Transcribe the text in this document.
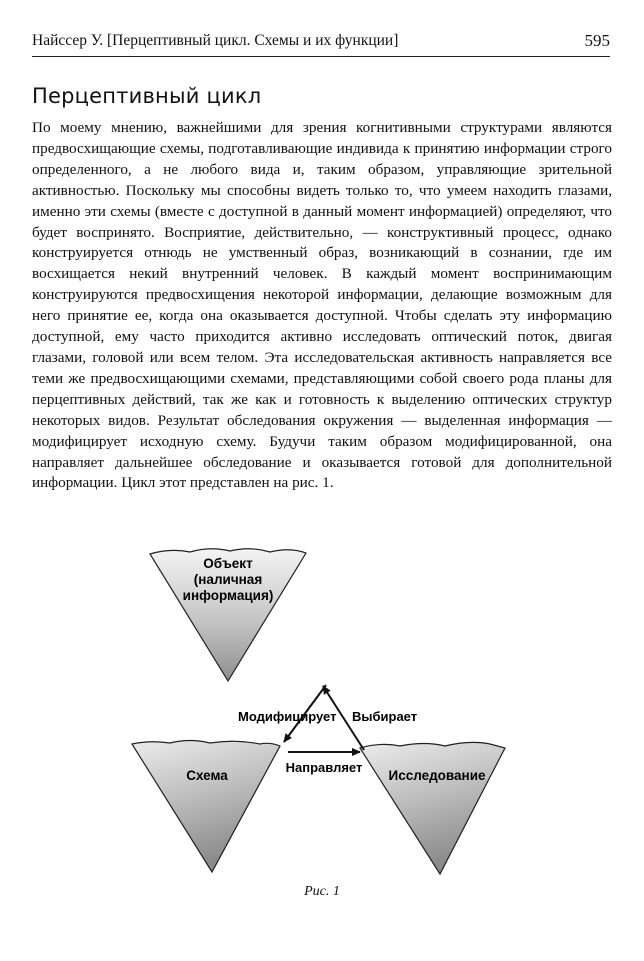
Найссер У. [Перцептивный цикл. Схемы и их функции]	595
Перцептивный цикл

По моему мнению, важнейшими для зрения когнитивными структурами являются предвосхищающие схемы, подготавливающие индивида к принятию информации строго определенного, а не любого вида и, таким образом, управляющие зрительной активностью. Поскольку мы способны видеть только то, что умеем находить глазами, именно эти схемы (вместе с доступной в данный момент информацией) определяют, что будет воспринято. Восприятие, действительно, — конструктивный процесс, однако конструируется отнюдь не умственный образ, возникающий в сознании, где им восхищается некий внутренний человек. В каждый момент воспринимающим конструируются предвосхищения некоторой информации, делающие возможным для него принятие ее, когда она оказывается доступной. Чтобы сделать эту информацию доступной, ему часто приходится активно исследовать оптический поток, двигая глазами, головой или всем телом. Эта исследовательская активность направляется все теми же предвосхищающими схемами, представляющими собой своего рода планы для перцептивных действий, так же как и готовность к выделению оптических структур некоторых видов. Результат обследования окружения — выделенная информация — модифицирует исходную схему. Будучи таким образом модифицированной, она направляет дальнейшее обследование и оказывается готовой для дополнительной информации. Цикл этот представлен на рис. 1.

Объект
(наличная
информация)
Схема	Исследование
Модифицирует Выбирает
Направляет
Рис. 1
